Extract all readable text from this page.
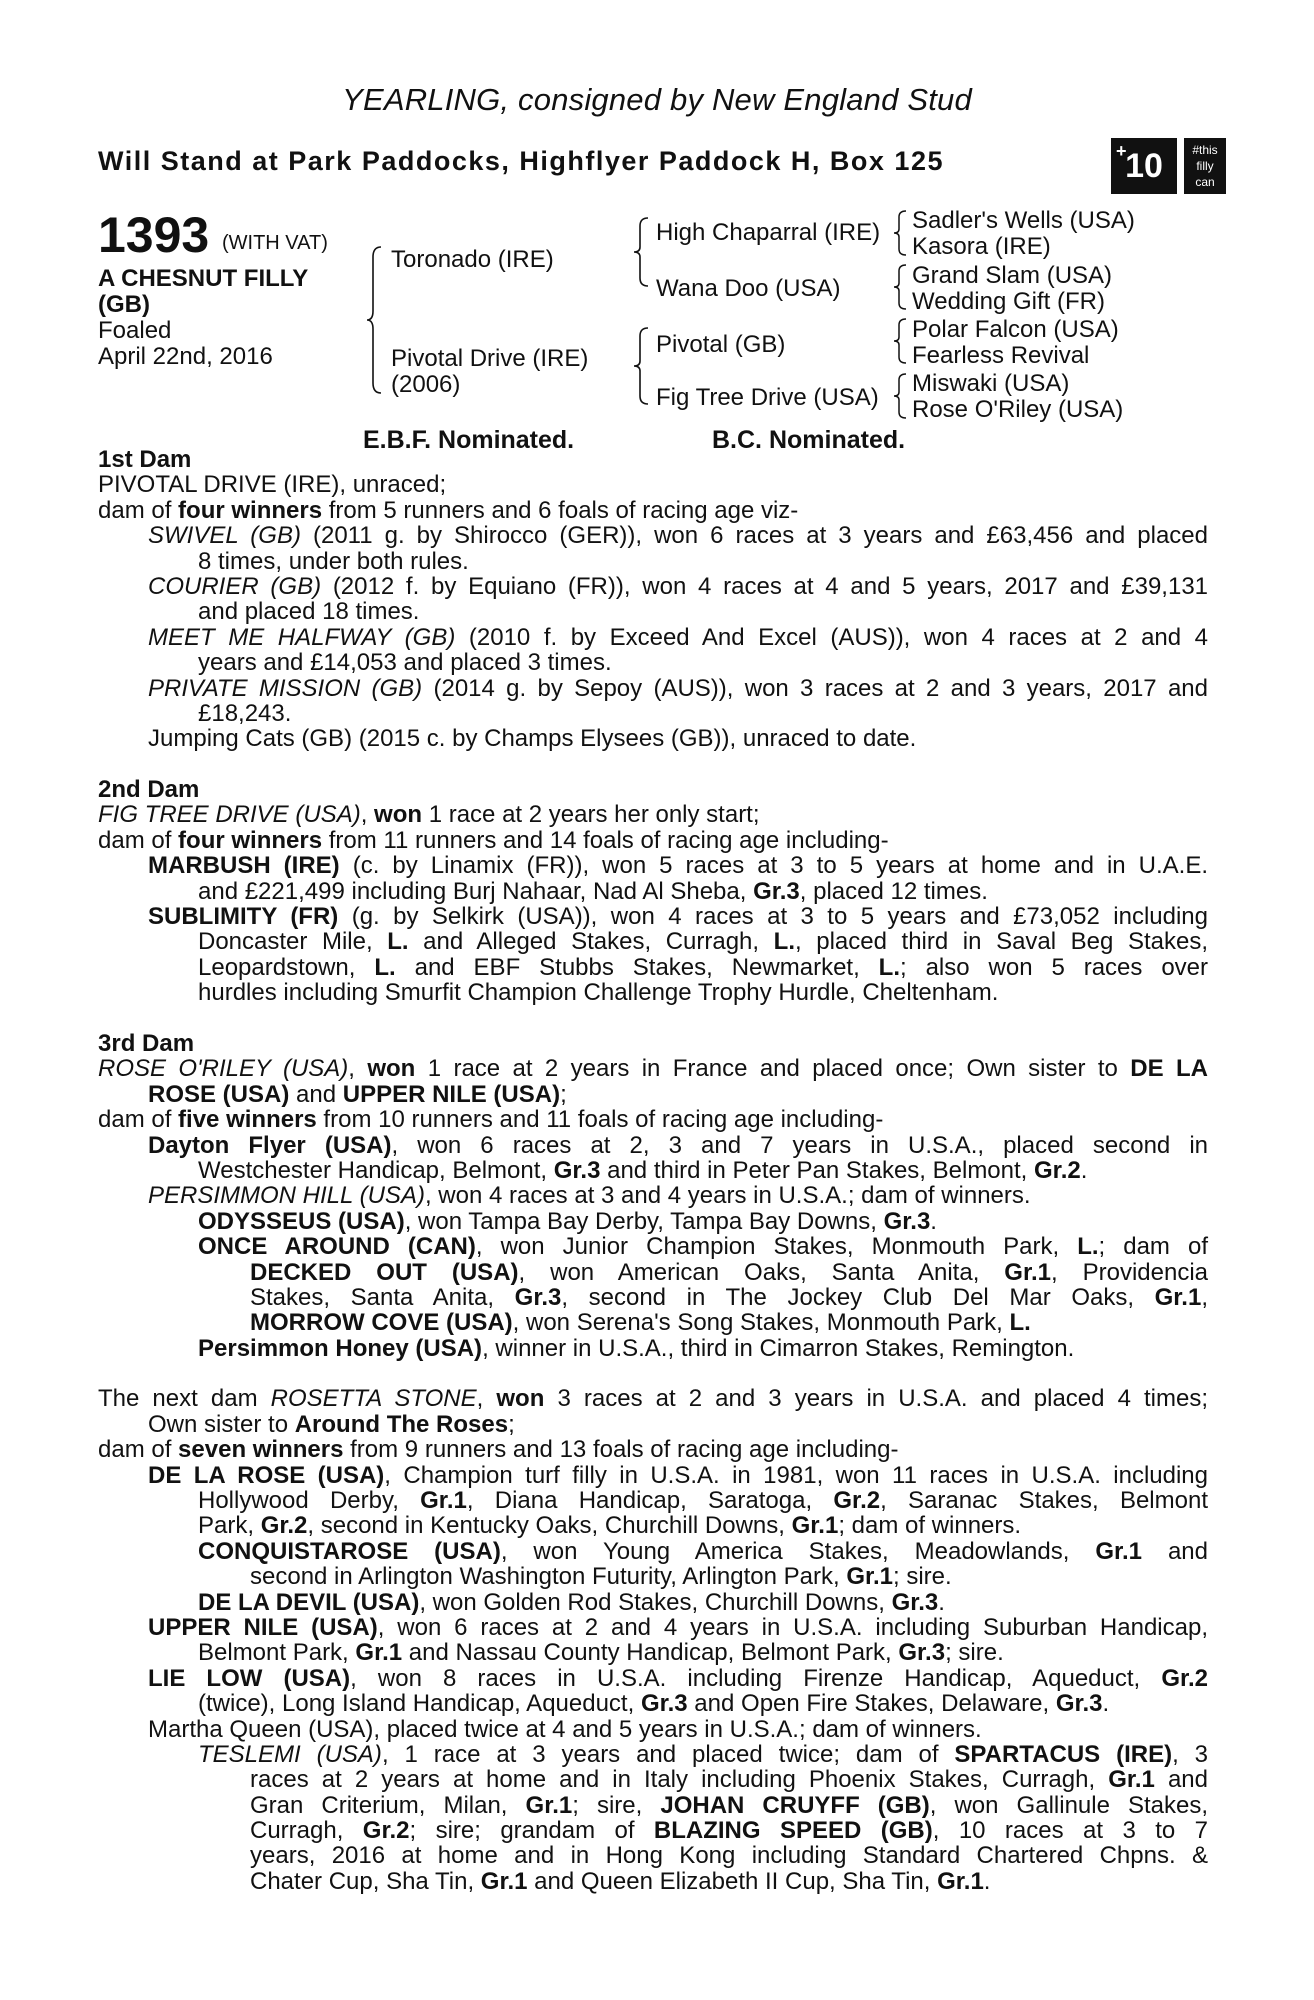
YEARLING, consigned by New England Stud
Will Stand at Park Paddocks, Highflyer Paddock H, Box 125	+
10 #this
filly
can
1393 (WITH VAT)
A CHESNUT FILLY
(GB)
Foaled
April 22nd, 2016
Toronado (IRE)
Pivotal Drive (IRE)
(2006)
High Chaparral (IRE)
Wana Doo (USA)
Pivotal (GB)
Fig Tree Drive (USA)
Sadler's Wells (USA)
Kasora (IRE)
Grand Slam (USA)
Wedding Gift (FR)
Polar Falcon (USA)
Fearless Revival
Miswaki (USA)
Rose O'Riley (USA)
E.B.F. Nominated.	B.C. Nominated.
1st Dam
PIVOTAL DRIVE (IRE), unraced;
dam of four winners from 5 runners and 6 foals of racing age viz-
SWIVEL (GB) (2011 g. by Shirocco (GER)), won 6 races at 3 years and £63,456 and placed
8 times, under both rules.
COURIER (GB) (2012 f. by Equiano (FR)), won 4 races at 4 and 5 years, 2017 and £39,131
and placed 18 times.
MEET ME HALFWAY (GB) (2010 f. by Exceed And Excel (AUS)), won 4 races at 2 and 4
years and £14,053 and placed 3 times.
PRIVATE MISSION (GB) (2014 g. by Sepoy (AUS)), won 3 races at 2 and 3 years, 2017 and
£18,243.
Jumping Cats (GB) (2015 c. by Champs Elysees (GB)), unraced to date.
2nd Dam
FIG TREE DRIVE (USA), won 1 race at 2 years her only start;
dam of four winners from 11 runners and 14 foals of racing age including-
MARBUSH (IRE) (c. by Linamix (FR)), won 5 races at 3 to 5 years at home and in U.A.E.
and £221,499 including Burj Nahaar, Nad Al Sheba, Gr.3, placed 12 times.
SUBLIMITY (FR) (g. by Selkirk (USA)), won 4 races at 3 to 5 years and £73,052 including
Doncaster Mile, L. and Alleged Stakes, Curragh, L., placed third in Saval Beg Stakes,
Leopardstown, L. and EBF Stubbs Stakes, Newmarket, L.; also won 5 races over
hurdles including Smurfit Champion Challenge Trophy Hurdle, Cheltenham.
3rd Dam
ROSE O'RILEY (USA), won 1 race at 2 years in France and placed once; Own sister to DE LA
ROSE (USA) and UPPER NILE (USA);
dam of five winners from 10 runners and 11 foals of racing age including-
Dayton Flyer (USA), won 6 races at 2, 3 and 7 years in U.S.A., placed second in
Westchester Handicap, Belmont, Gr.3 and third in Peter Pan Stakes, Belmont, Gr.2.
PERSIMMON HILL (USA), won 4 races at 3 and 4 years in U.S.A.; dam of winners.
ODYSSEUS (USA), won Tampa Bay Derby, Tampa Bay Downs, Gr.3.
ONCE AROUND (CAN), won Junior Champion Stakes, Monmouth Park, L.; dam of
DECKED OUT (USA), won American Oaks, Santa Anita, Gr.1, Providencia
Stakes, Santa Anita, Gr.3, second in The Jockey Club Del Mar Oaks, Gr.1,
MORROW COVE (USA), won Serena's Song Stakes, Monmouth Park, L.
Persimmon Honey (USA), winner in U.S.A., third in Cimarron Stakes, Remington.
The next dam ROSETTA STONE, won 3 races at 2 and 3 years in U.S.A. and placed 4 times;
Own sister to Around The Roses;
dam of seven winners from 9 runners and 13 foals of racing age including-
DE LA ROSE (USA), Champion turf filly in U.S.A. in 1981, won 11 races in U.S.A. including
Hollywood Derby, Gr.1, Diana Handicap, Saratoga, Gr.2, Saranac Stakes, Belmont
Park, Gr.2, second in Kentucky Oaks, Churchill Downs, Gr.1; dam of winners.
CONQUISTAROSE (USA), won Young America Stakes, Meadowlands, Gr.1 and
second in Arlington Washington Futurity, Arlington Park, Gr.1; sire.
DE LA DEVIL (USA), won Golden Rod Stakes, Churchill Downs, Gr.3.
UPPER NILE (USA), won 6 races at 2 and 4 years in U.S.A. including Suburban Handicap,
Belmont Park, Gr.1 and Nassau County Handicap, Belmont Park, Gr.3; sire.
LIE LOW (USA), won 8 races in U.S.A. including Firenze Handicap, Aqueduct, Gr.2
(twice), Long Island Handicap, Aqueduct, Gr.3 and Open Fire Stakes, Delaware, Gr.3.
Martha Queen (USA), placed twice at 4 and 5 years in U.S.A.; dam of winners.
TESLEMI (USA), 1 race at 3 years and placed twice; dam of SPARTACUS (IRE), 3
races at 2 years at home and in Italy including Phoenix Stakes, Curragh, Gr.1 and
Gran Criterium, Milan, Gr.1; sire, JOHAN CRUYFF (GB), won Gallinule Stakes,
Curragh, Gr.2; sire; grandam of BLAZING SPEED (GB), 10 races at 3 to 7
years, 2016 at home and in Hong Kong including Standard Chartered Chpns. &
Chater Cup, Sha Tin, Gr.1 and Queen Elizabeth II Cup, Sha Tin, Gr.1.
